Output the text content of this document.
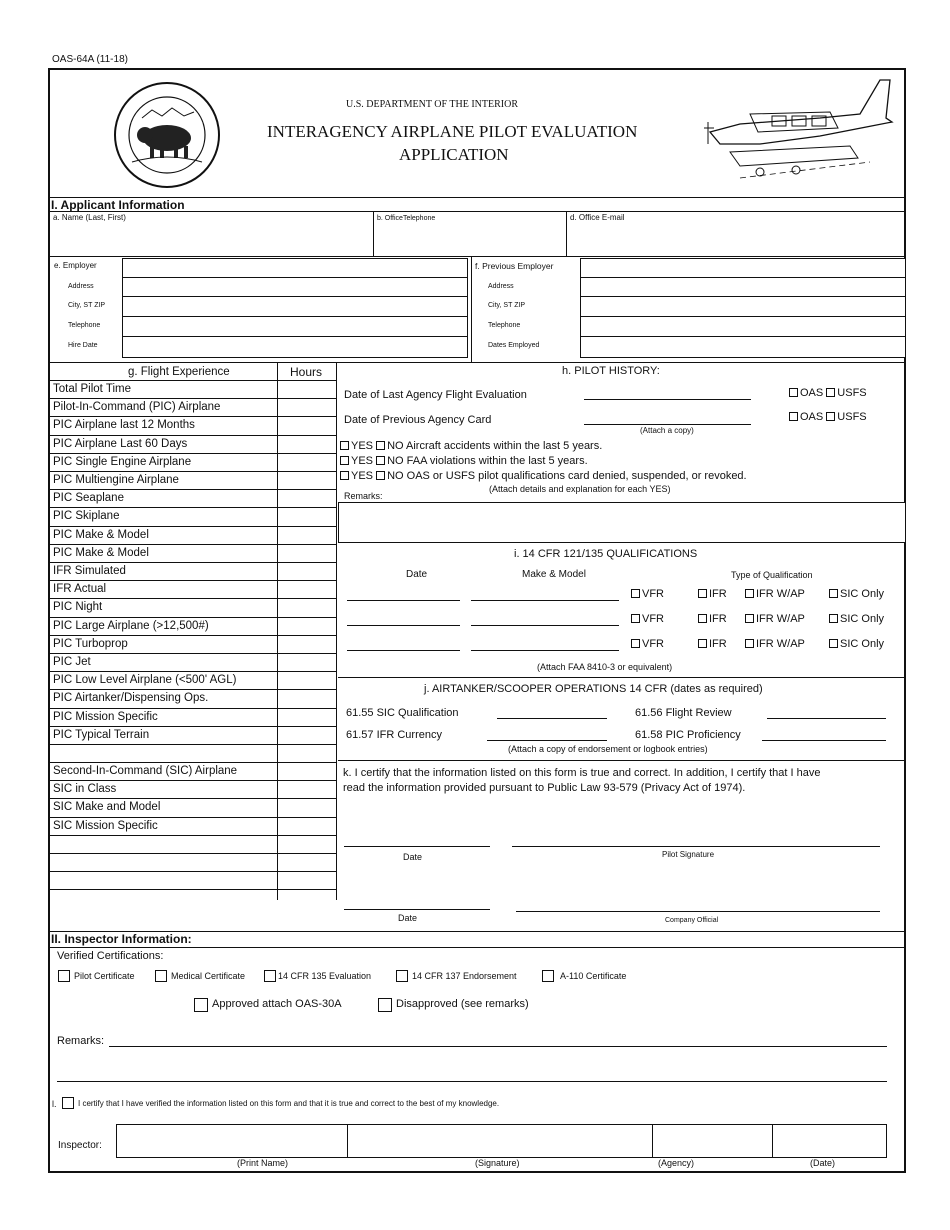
OAS-64A (11-18)
U.S. DEPARTMENT OF THE INTERIOR
INTERAGENCY AIRPLANE PILOT EVALUATION
APPLICATION
I. Applicant Information
a. Name (Last, First)	b. OfficeTelephone	d. Office E-mail
e. Employer
Address
City, ST ZIP
Telephone
Hire Date
f. Previous Employer
Address
City, ST ZIP
Telephone
Dates Employed
g. Flight Experience	Hours
Total Pilot Time
Pilot-In-Command (PIC) Airplane
PIC Airplane last 12 Months
PIC Airplane Last 60 Days
PIC Single Engine Airplane
PIC Multiengine Airplane
PIC Seaplane
PIC Skiplane
PIC Make & Model
PIC Make & Model
IFR Simulated
IFR Actual
PIC Night
PIC Large Airplane (>12,500#)
PIC Turboprop
PIC Jet
PIC Low Level Airplane (<500' AGL)
PIC Airtanker/Dispensing Ops.
PIC Mission Specific
PIC Typical Terrain
Second-In-Command (SIC) Airplane
SIC in Class
SIC Make and Model
SIC Mission Specific
h. PILOT HISTORY:
Date of Last Agency Flight Evaluation	OAS USFS
Date of Previous Agency Card
(Attach a copy)
OAS USFS
YES NO Aircraft accidents within the last 5 years.
YES NO FAA violations within the last 5 years.
YES NO OAS or USFS pilot qualifications card denied, suspended, or revoked.
(Attach details and explanation for each YES)
Remarks:
i. 14 CFR 121/135 QUALIFICATIONS
Date	Make & Model	Type of Qualification
VFR	IFR	IFR W/AP	SIC Only
VFR	IFR	IFR W/AP	SIC Only
VFR	IFR	IFR W/AP	SIC Only
(Attach FAA 8410-3 or equivalent)
j. AIRTANKER/SCOOPER OPERATIONS 14 CFR (dates as required)
61.55 SIC Qualification	61.56 Flight Review
61.57 IFR Currency	61.58 PIC Proficiency
(Attach a copy of endorsement or logbook entries)
k. I certify that the information listed on this form is true and correct. In addition, I certify that I have
read the information provided pursuant to Public Law 93-579 (Privacy Act of 1974).
Date	Pilot Signature
Date	Company Official
II. Inspector Information:
Verified Certifications:
Pilot Certificate	Medical Certificate	14 CFR 135 Evaluation	14 CFR 137 Endorsement	A-110 Certificate
Approved attach OAS-30A	Disapproved (see remarks)
Remarks:
l.	I certify that I have verified the information listed on this form and that it is true and correct to the best of my knowledge.
Inspector:
(Print Name)	(Signature)	(Agency)	(Date)
